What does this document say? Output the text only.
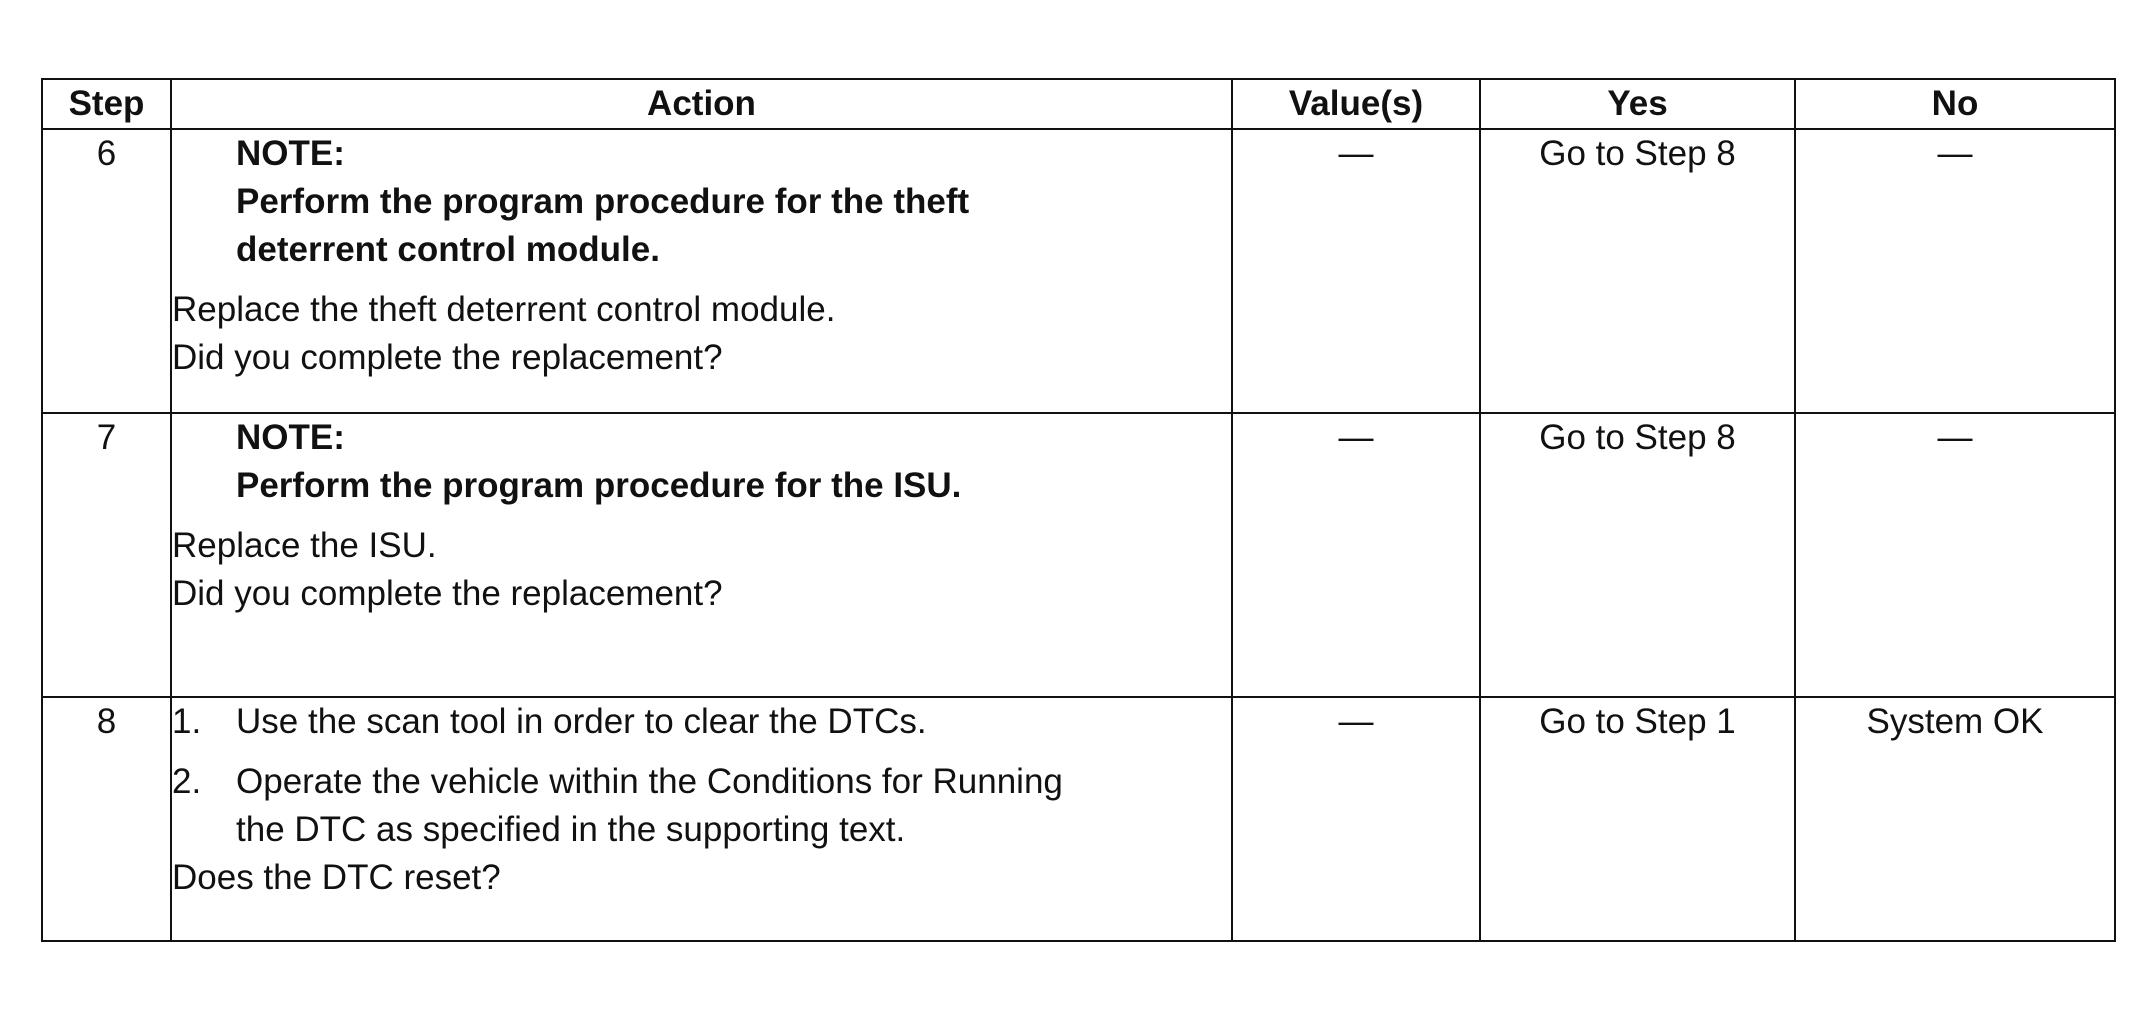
Step	Action	Value(s)	Yes	No
6	NOTE:
Perform the program procedure for the theft deterrent control module.
Replace the theft deterrent control module.
Did you complete the replacement?	—	Go to Step 8	—
7	NOTE:
Perform the program procedure for the ISU.
Replace the ISU.
Did you complete the replacement?	—	Go to Step 8	—
8	1. Use the scan tool in order to clear the DTCs.
2. Operate the vehicle within the Conditions for Running the DTC as specified in the supporting text.
Does the DTC reset?	—	Go to Step 1	System OK
